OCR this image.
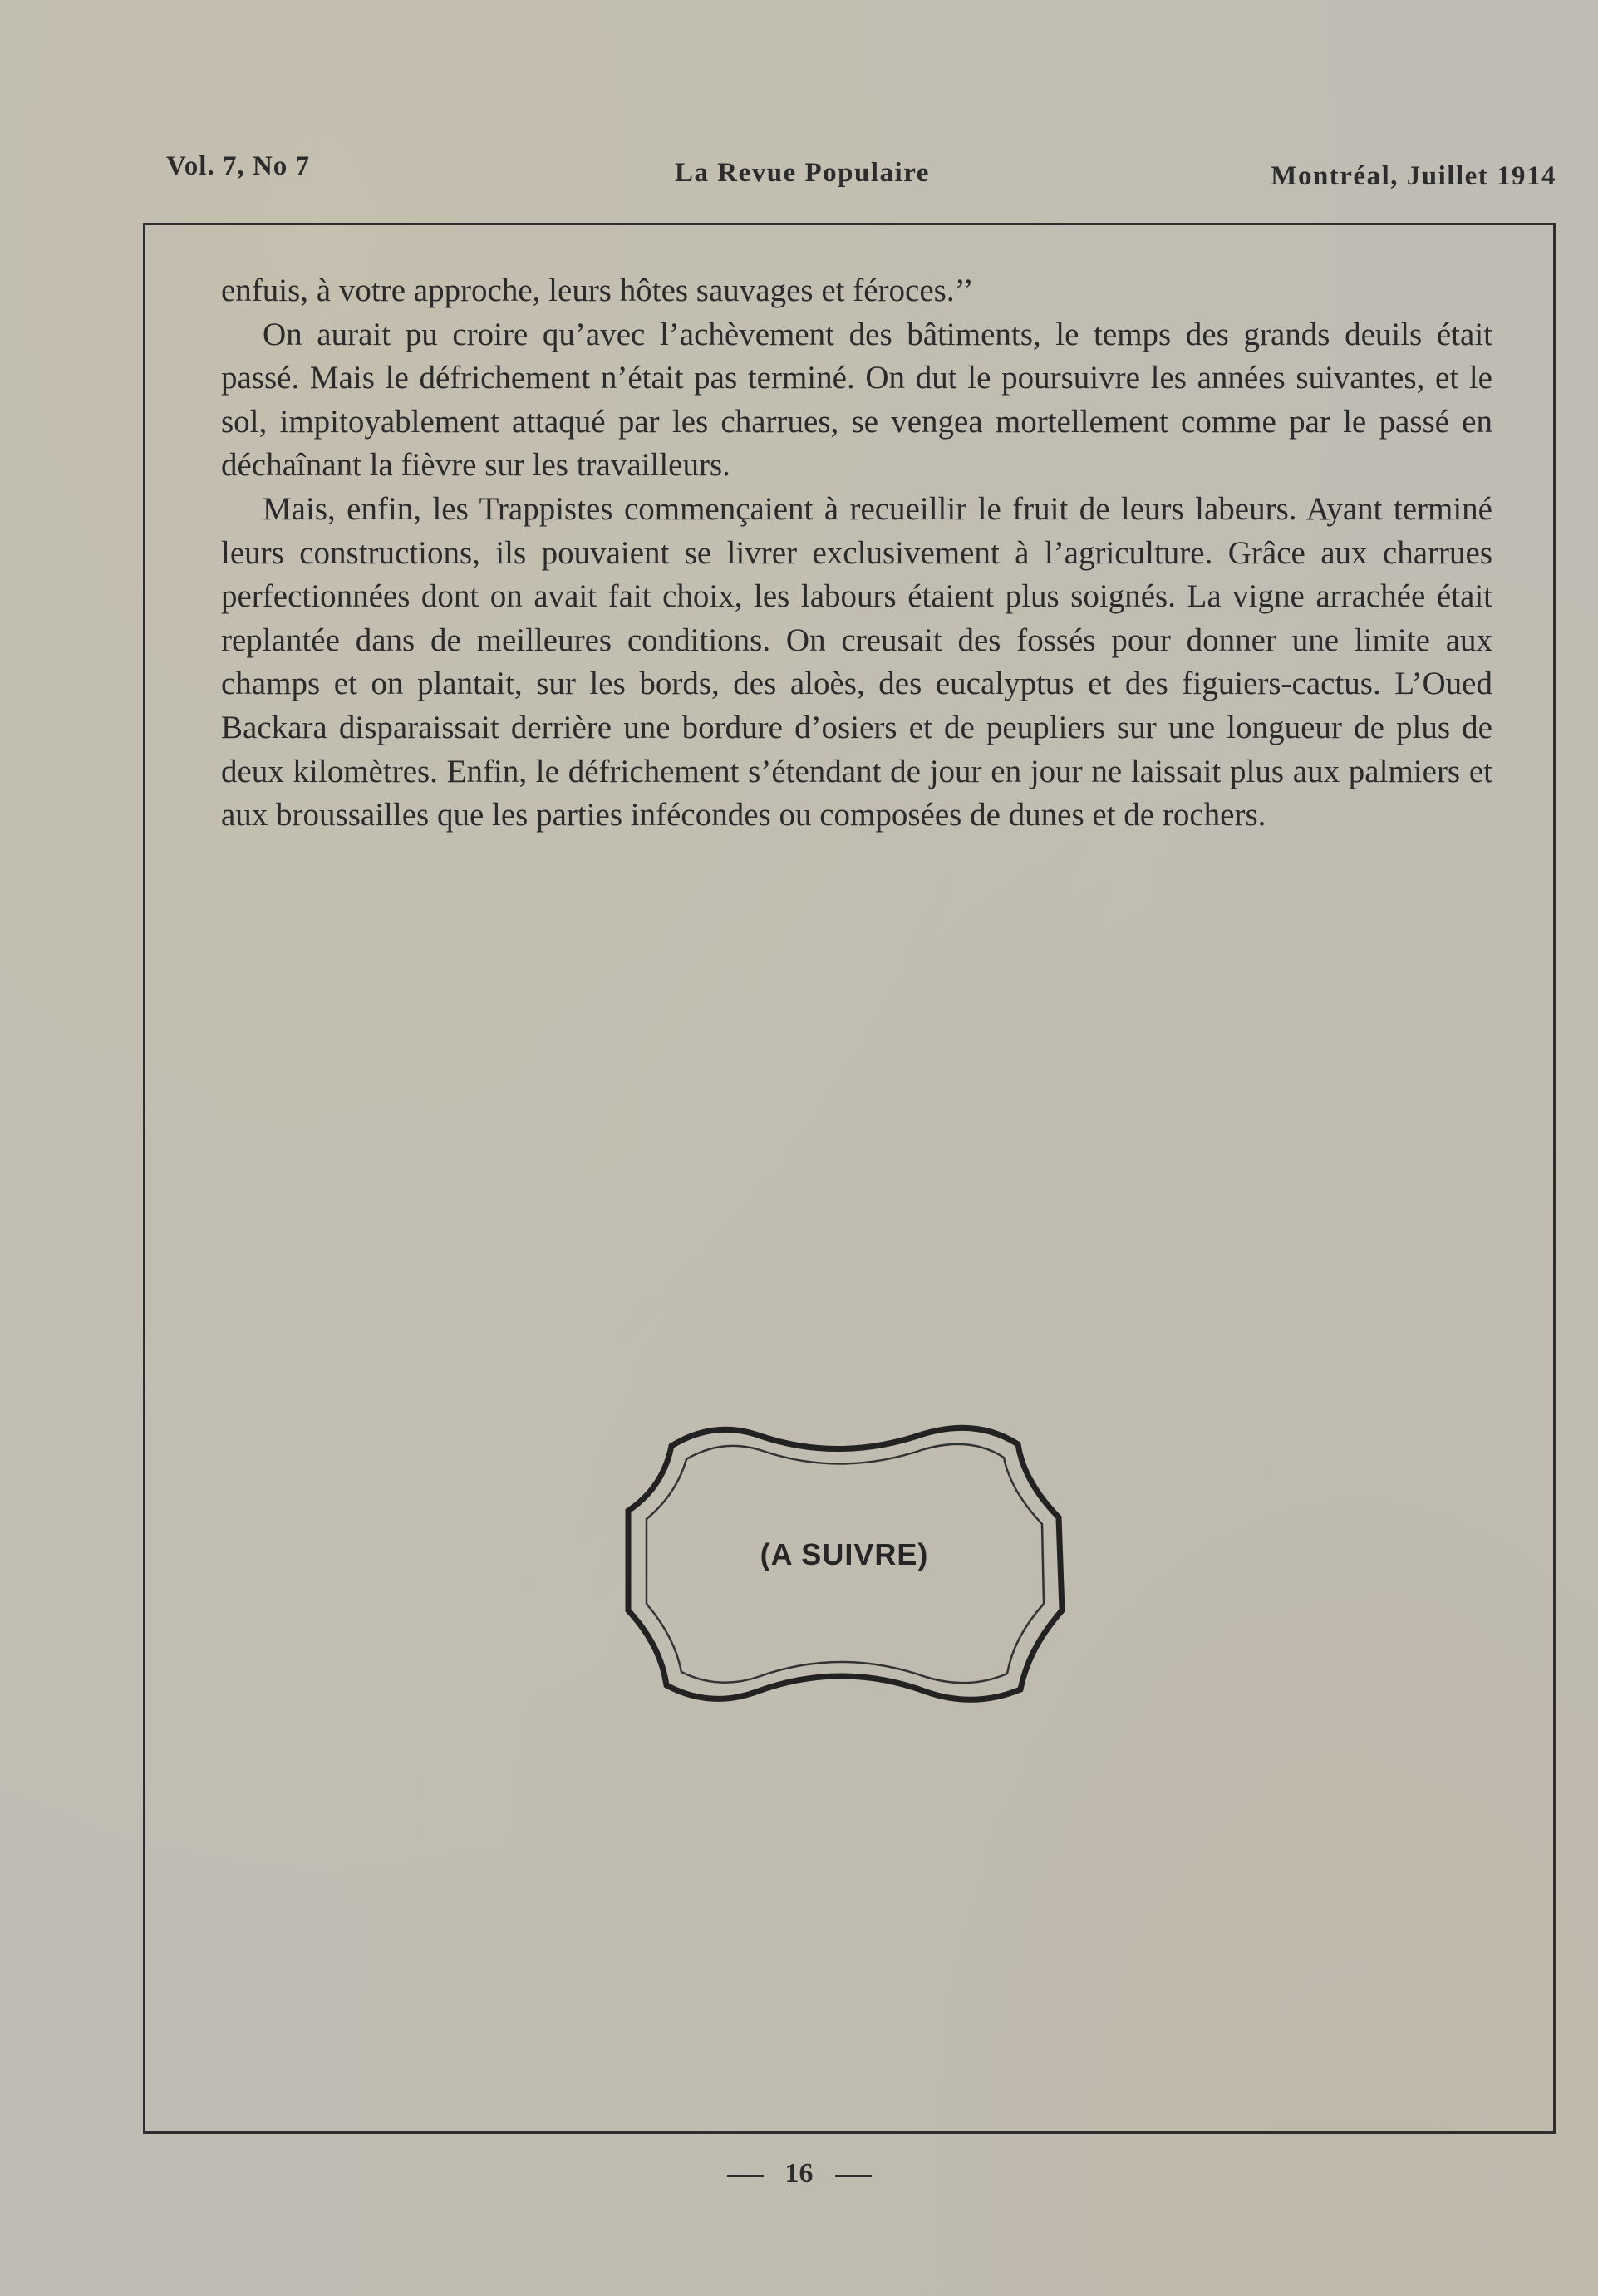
Vol. 7, No 7	La Revue Populaire	Montréal, Juillet 1914

enfuis, à votre approche, leurs hôtes sauvages et féroces.’’

On aurait pu croire qu’avec l’achèvement des bâtiments, le temps des grands deuils était passé. Mais le défrichement n’était pas terminé. On dut le poursuivre les années suivantes, et le sol, impitoyablement attaqué par les charrues, se vengea mortellement comme par le passé en déchaînant la fièvre sur les travailleurs.

Mais, enfin, les Trappistes commençaient à recueillir le fruit de leurs labeurs. Ayant terminé leurs constructions, ils pouvaient se livrer exclusivement à l’agriculture. Grâce aux charrues perfectionnées dont on avait fait choix, les labours étaient plus soignés. La vigne arrachée était replantée dans de meilleures conditions. On creusait des fossés pour donner une limite aux champs et on plantait, sur les bords, des aloès, des eucalyptus et des figuiers-cactus. L’Oued Backara disparaissait derrière une bordure d’osiers et de peupliers sur une longueur de plus de deux kilomètres. Enfin, le défrichement s’étendant de jour en jour ne laissait plus aux palmiers et aux broussailles que les parties infécondes ou composées de dunes et de rochers.

(A SUIVRE)
16
